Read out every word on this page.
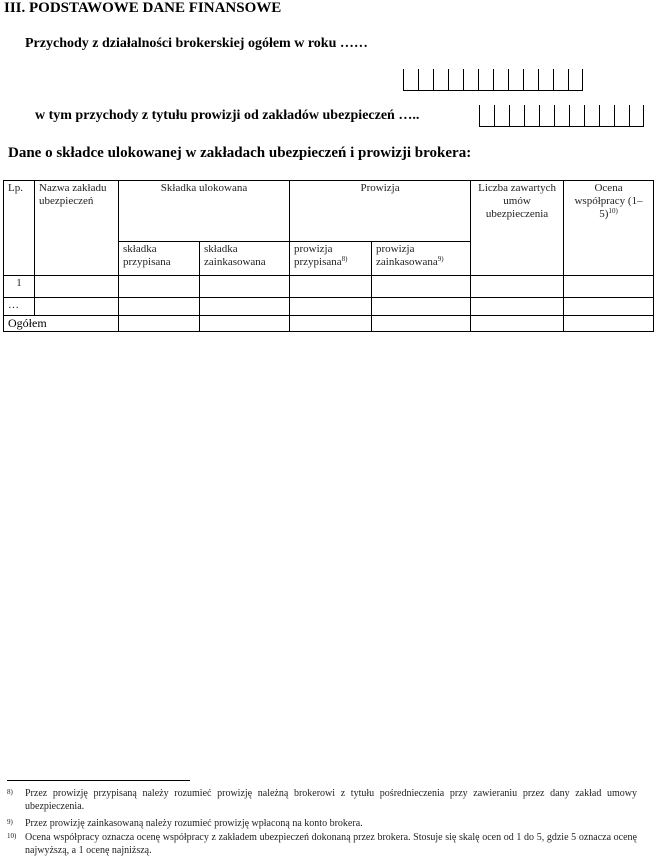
III. PODSTAWOWE DANE FINANSOWE
Przychody z działalności brokerskiej ogółem w roku ……
w tym przychody z tytułu prowizji od zakładów ubezpieczeń …..
Dane o składce ulokowanej w zakładach ubezpieczeń i prowizji brokera:
Lp.	Nazwa zakładu ubezpieczeń	Składka ulokowana		Prowizja		Liczba zawartych umów ubezpieczenia	Ocena współpracy $(1-5)^{10)}$
		składka przypisana	składka zainkasowana	prowizja przypisana$^{8)}$	prowizja zainkasowana$^{9)}$
1							
…							
Ogółem							
8) Przez prowizję przypisaną należy rozumieć prowizję należną brokerowi z tytułu pośrednieczenia przy zawieraniu przez dany zakład umowy ubezpieczenia.
9) Przez prowizję zainkasowaną należy rozumieć prowizję wpłaconą na konto brokera.
10) Ocena współpracy oznacza ocenę współpracy z zakładem ubezpieczeń dokonaną przez brokera. Stosuje się skalę ocen od 1 do 5, gdzie 5 oznacza ocenę najwyższą, a 1 ocenę najniższą.
